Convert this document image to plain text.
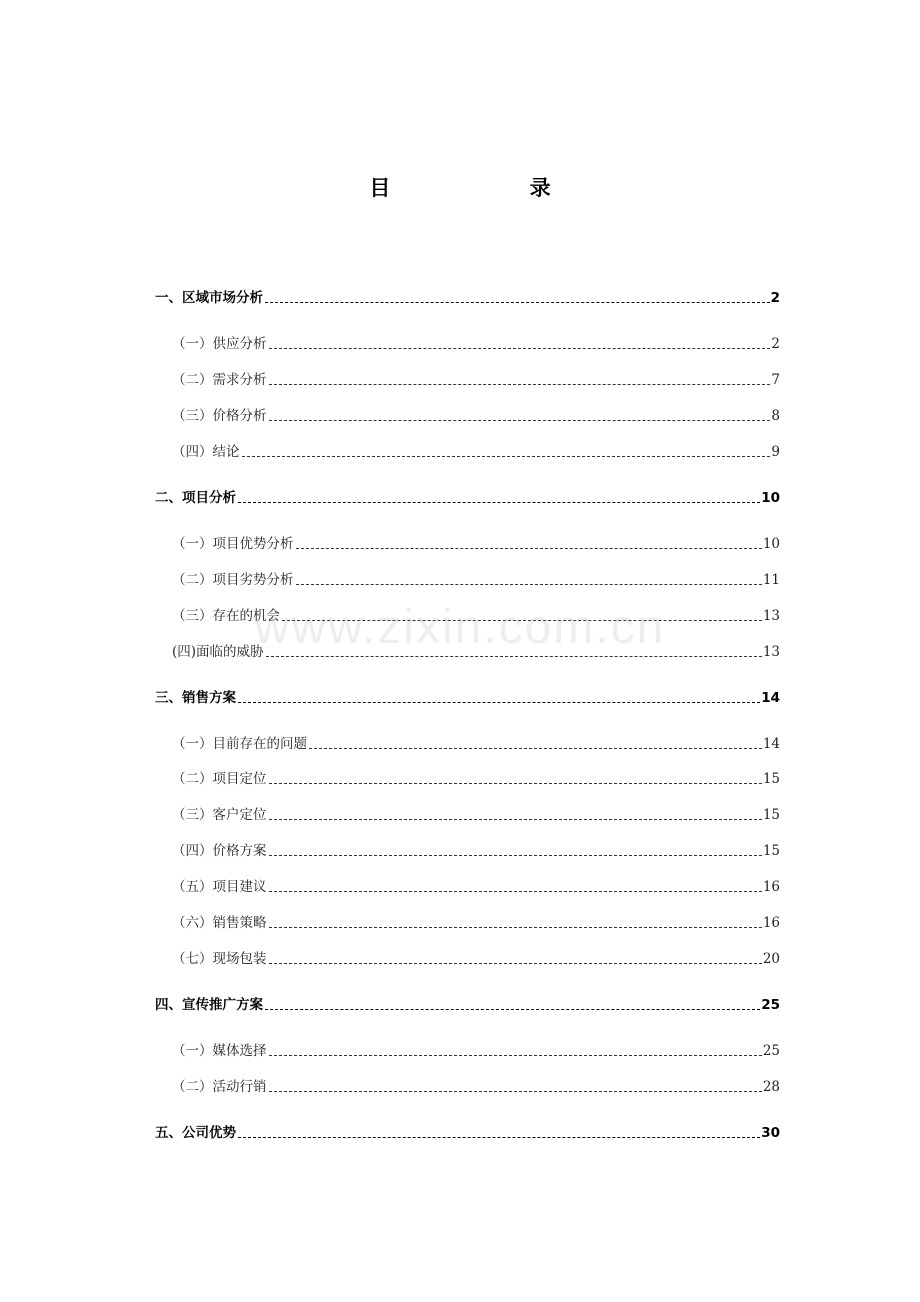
目 录
一、区域市场分析	2
（一）供应分析	2
（二）需求分析	7
（三）价格分析	8
（四）结论	9
二、项目分析	10
（一）项目优势分析	10
（二）项目劣势分析	11
（三）存在的机会	13
(四)面临的威胁	13
三、销售方案	14
（一）目前存在的问题	14
（二）项目定位	15
（三）客户定位	15
（四）价格方案	15
（五）项目建议	16
（六）销售策略	16
（七）现场包装	20
四、宣传推广方案	25
（一）媒体选择	25
（二）活动行销	28
五、公司优势	30
www.zixin.com.cn
